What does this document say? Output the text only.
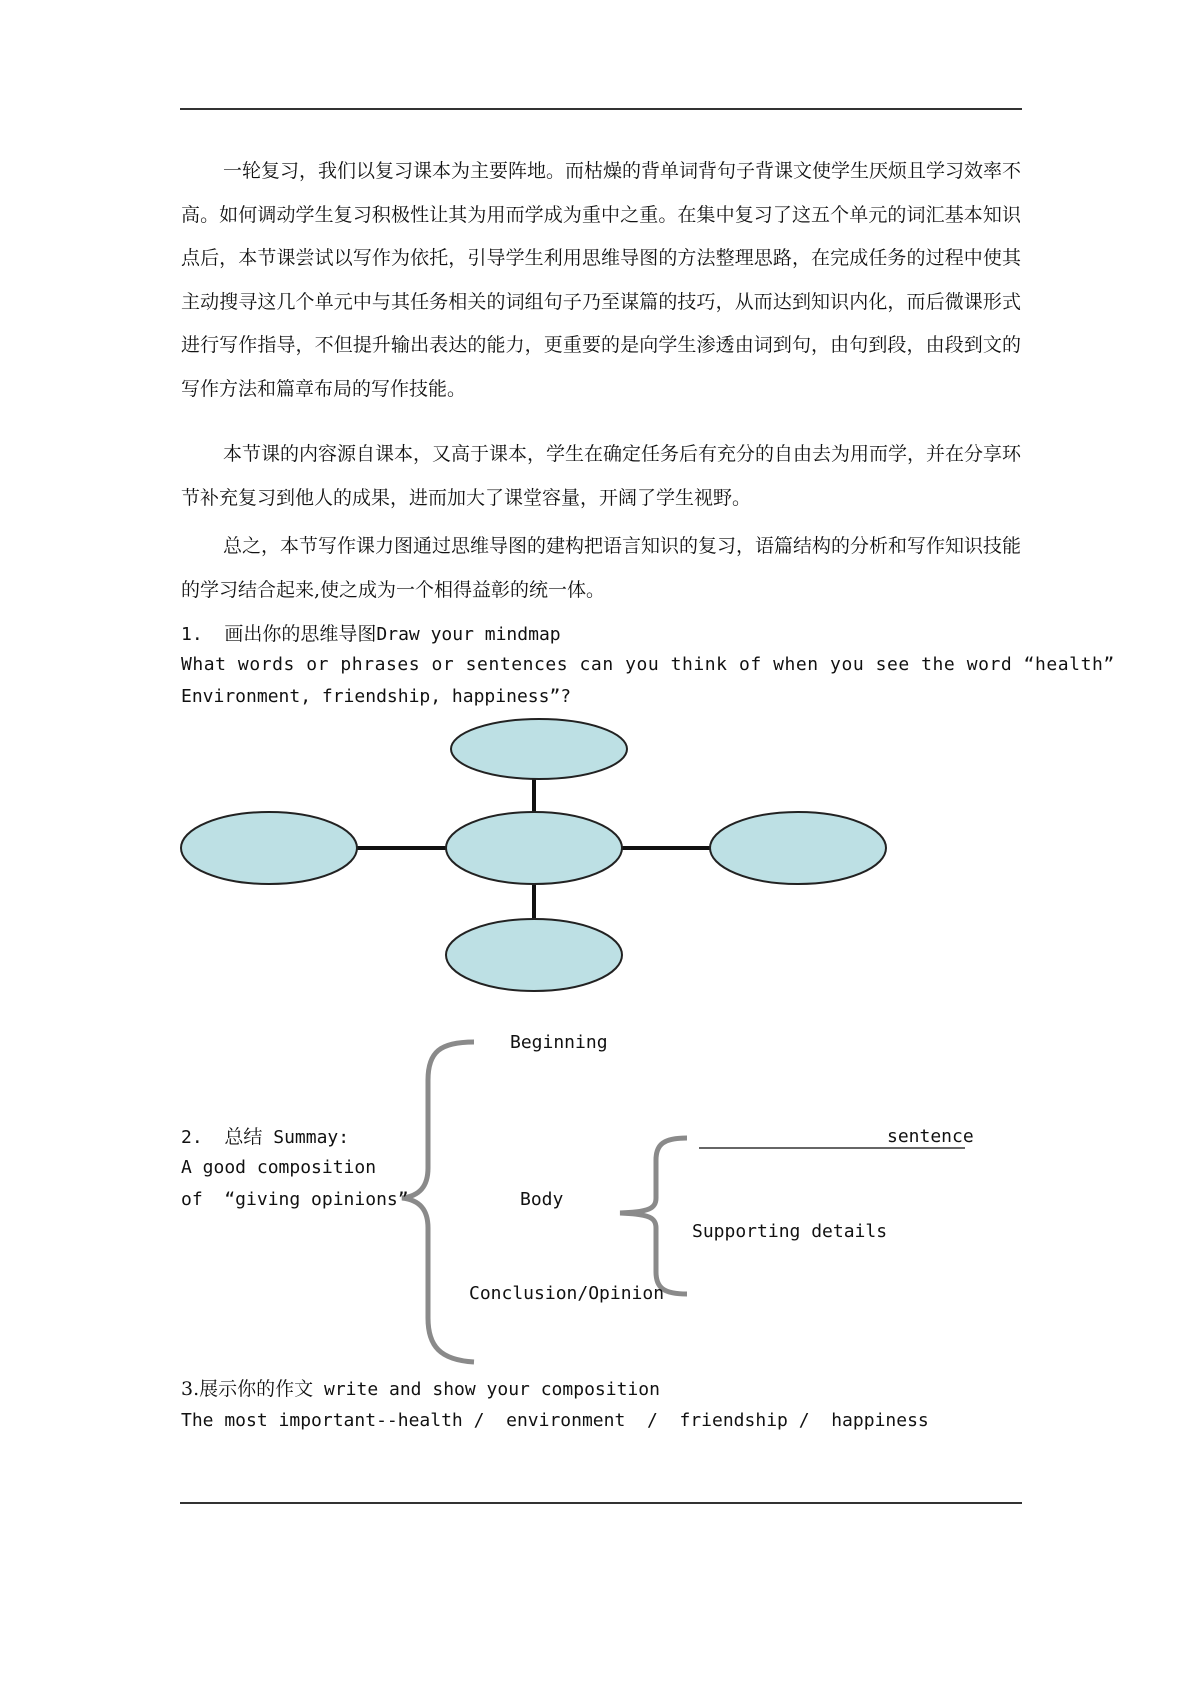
一轮复习，我们以复习课本为主要阵地。而枯燥的背单词背句子背课文使学生厌烦且学习效率不高。如何调动学生复习积极性让其为用而学成为重中之重。在集中复习了这五个单元的词汇基本知识点后，本节课尝试以写作为依托，引导学生利用思维导图的方法整理思路，在完成任务的过程中使其主动搜寻这几个单元中与其任务相关的词组句子乃至谋篇的技巧，从而达到知识内化，而后微课形式进行写作指导，不但提升输出表达的能力，更重要的是向学生渗透由词到句，由句到段，由段到文的写作方法和篇章布局的写作技能。

本节课的内容源自课本，又高于课本，学生在确定任务后有充分的自由去为用而学，并在分享环节补充复习到他人的成果，进而加大了课堂容量，开阔了学生视野。

总之，本节写作课力图通过思维导图的建构把语言知识的复习，语篇结构的分析和写作知识技能的学习结合起来,使之成为一个相得益彰的统一体。

1. 画出你的思维导图Draw your mindmap
What words or phrases or sentences can you think of when you see the word “health”
Environment, friendship, happiness”?
Beginning
2. 总结 Summay:	sentence
A good composition
of  “giving opinions”	Body
Supporting details
Conclusion/Opinion
3.展示你的作文 write and show your composition
The most important--health /  environment  /  friendship /  happiness
